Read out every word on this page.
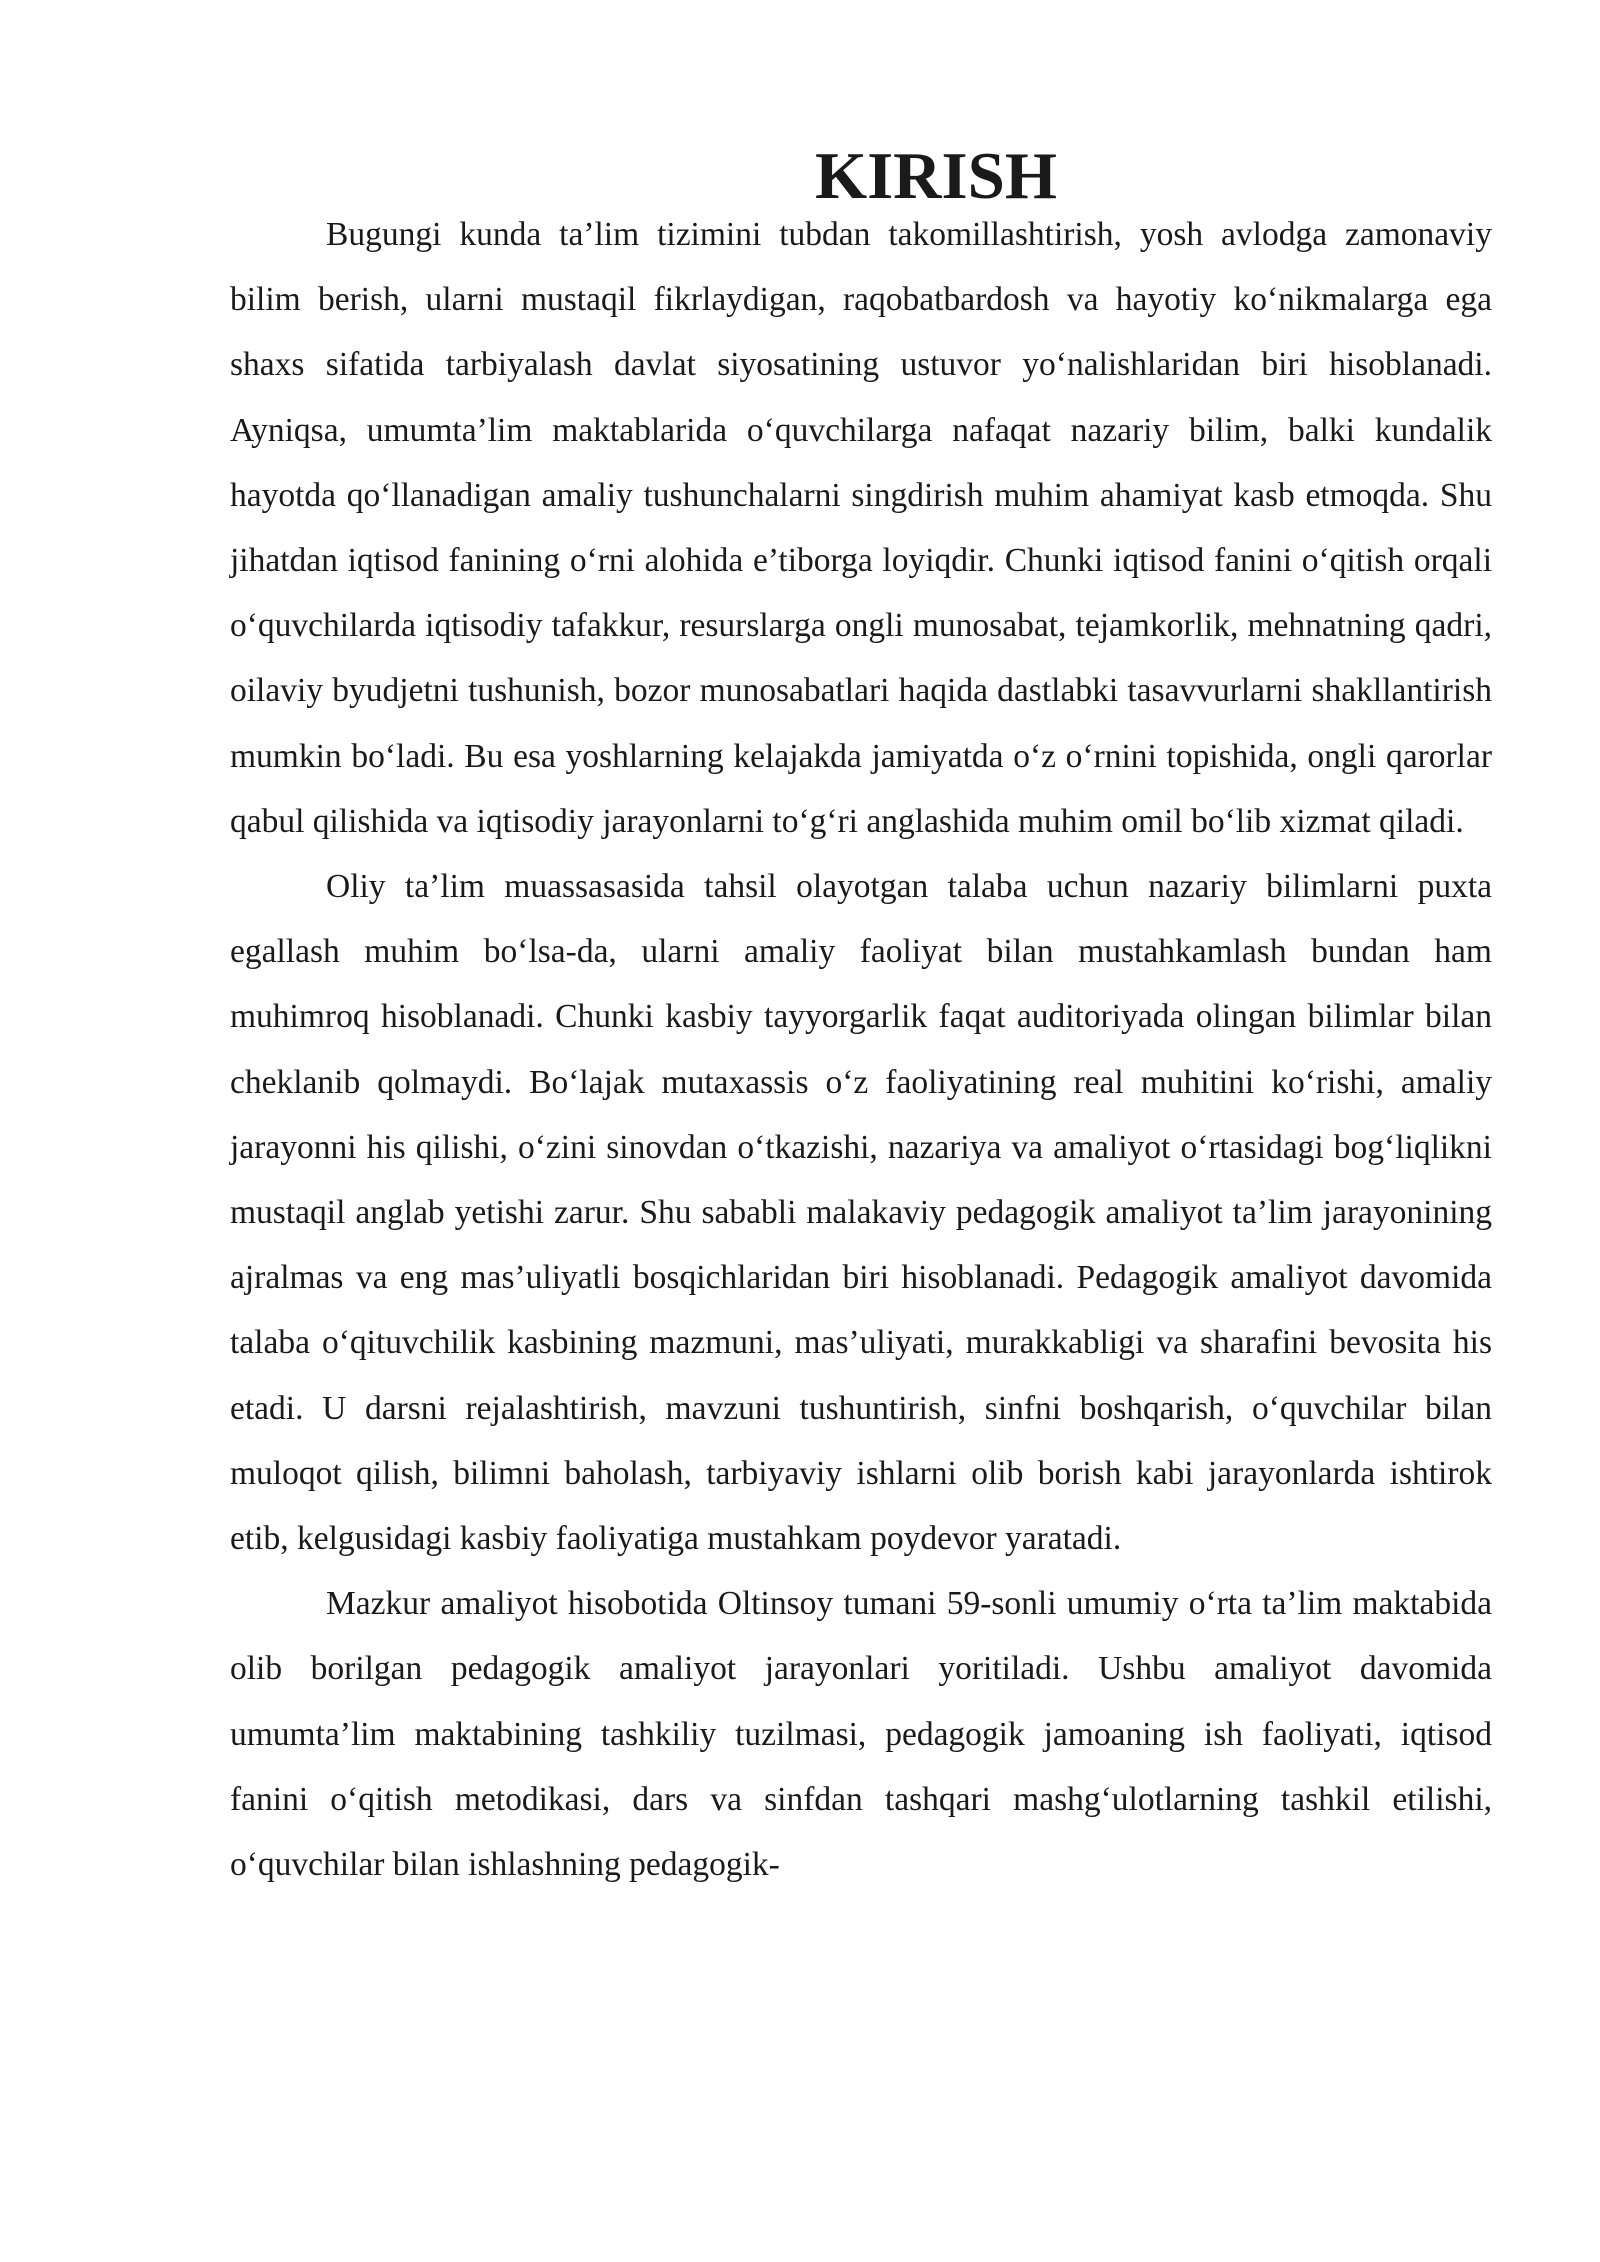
KIRISH

Bugungi kunda ta’lim tizimini tubdan takomillashtirish, yosh avlodga zamonaviy bilim berish, ularni mustaqil fikrlaydigan, raqobatbardosh va hayotiy ko‘nikmalarga ega shaxs sifatida tarbiyalash davlat siyosatining ustuvor yo‘nalishlaridan biri hisoblanadi. Ayniqsa, umumta’lim maktablarida o‘quvchilarga nafaqat nazariy bilim, balki kundalik hayotda qo‘llanadigan amaliy tushunchalarni singdirish muhim ahamiyat kasb etmoqda. Shu jihatdan iqtisod fanining o‘rni alohida e’tiborga loyiqdir. Chunki iqtisod fanini o‘qitish orqali o‘quvchilarda iqtisodiy tafakkur, resurslarga ongli munosabat, tejamkorlik, mehnatning qadri, oilaviy byudjetni tushunish, bozor munosabatlari haqida dastlabki tasavvurlarni shakllantirish mumkin bo‘ladi. Bu esa yoshlarning kelajakda jamiyatda o‘z o‘rnini topishida, ongli qarorlar qabul qilishida va iqtisodiy jarayonlarni to‘g‘ri anglashida muhim omil bo‘lib xizmat qiladi.

Oliy ta’lim muassasasida tahsil olayotgan talaba uchun nazariy bilimlarni puxta egallash muhim bo‘lsa-da, ularni amaliy faoliyat bilan mustahkamlash bundan ham muhimroq hisoblanadi. Chunki kasbiy tayyorgarlik faqat auditoriyada olingan bilimlar bilan cheklanib qolmaydi. Bo‘lajak mutaxassis o‘z faoliyatining real muhitini ko‘rishi, amaliy jarayonni his qilishi, o‘zini sinovdan o‘tkazishi, nazariya va amaliyot o‘rtasidagi bog‘liqlikni mustaqil anglab yetishi zarur. Shu sababli malakaviy pedagogik amaliyot ta’lim jarayonining ajralmas va eng mas’uliyatli bosqichlaridan biri hisoblanadi. Pedagogik amaliyot davomida talaba o‘qituvchilik kasbining mazmuni, mas’uliyati, murakkabligi va sharafini bevosita his etadi. U darsni rejalashtirish, mavzuni tushuntirish, sinfni boshqarish, o‘quvchilar bilan muloqot qilish, bilimni baholash, tarbiyaviy ishlarni olib borish kabi jarayonlarda ishtirok etib, kelgusidagi kasbiy faoliyatiga mustahkam poydevor yaratadi.

Mazkur amaliyot hisobotida Oltinsoy tumani 59-sonli umumiy o‘rta ta’lim maktabida olib borilgan pedagogik amaliyot jarayonlari yoritiladi. Ushbu amaliyot davomida umumta’lim maktabining tashkiliy tuzilmasi, pedagogik jamoaning ish faoliyati, iqtisod fanini o‘qitish metodikasi, dars va sinfdan tashqari mashg‘ulotlarning tashkil etilishi, o‘quvchilar bilan ishlashning pedagogik-
